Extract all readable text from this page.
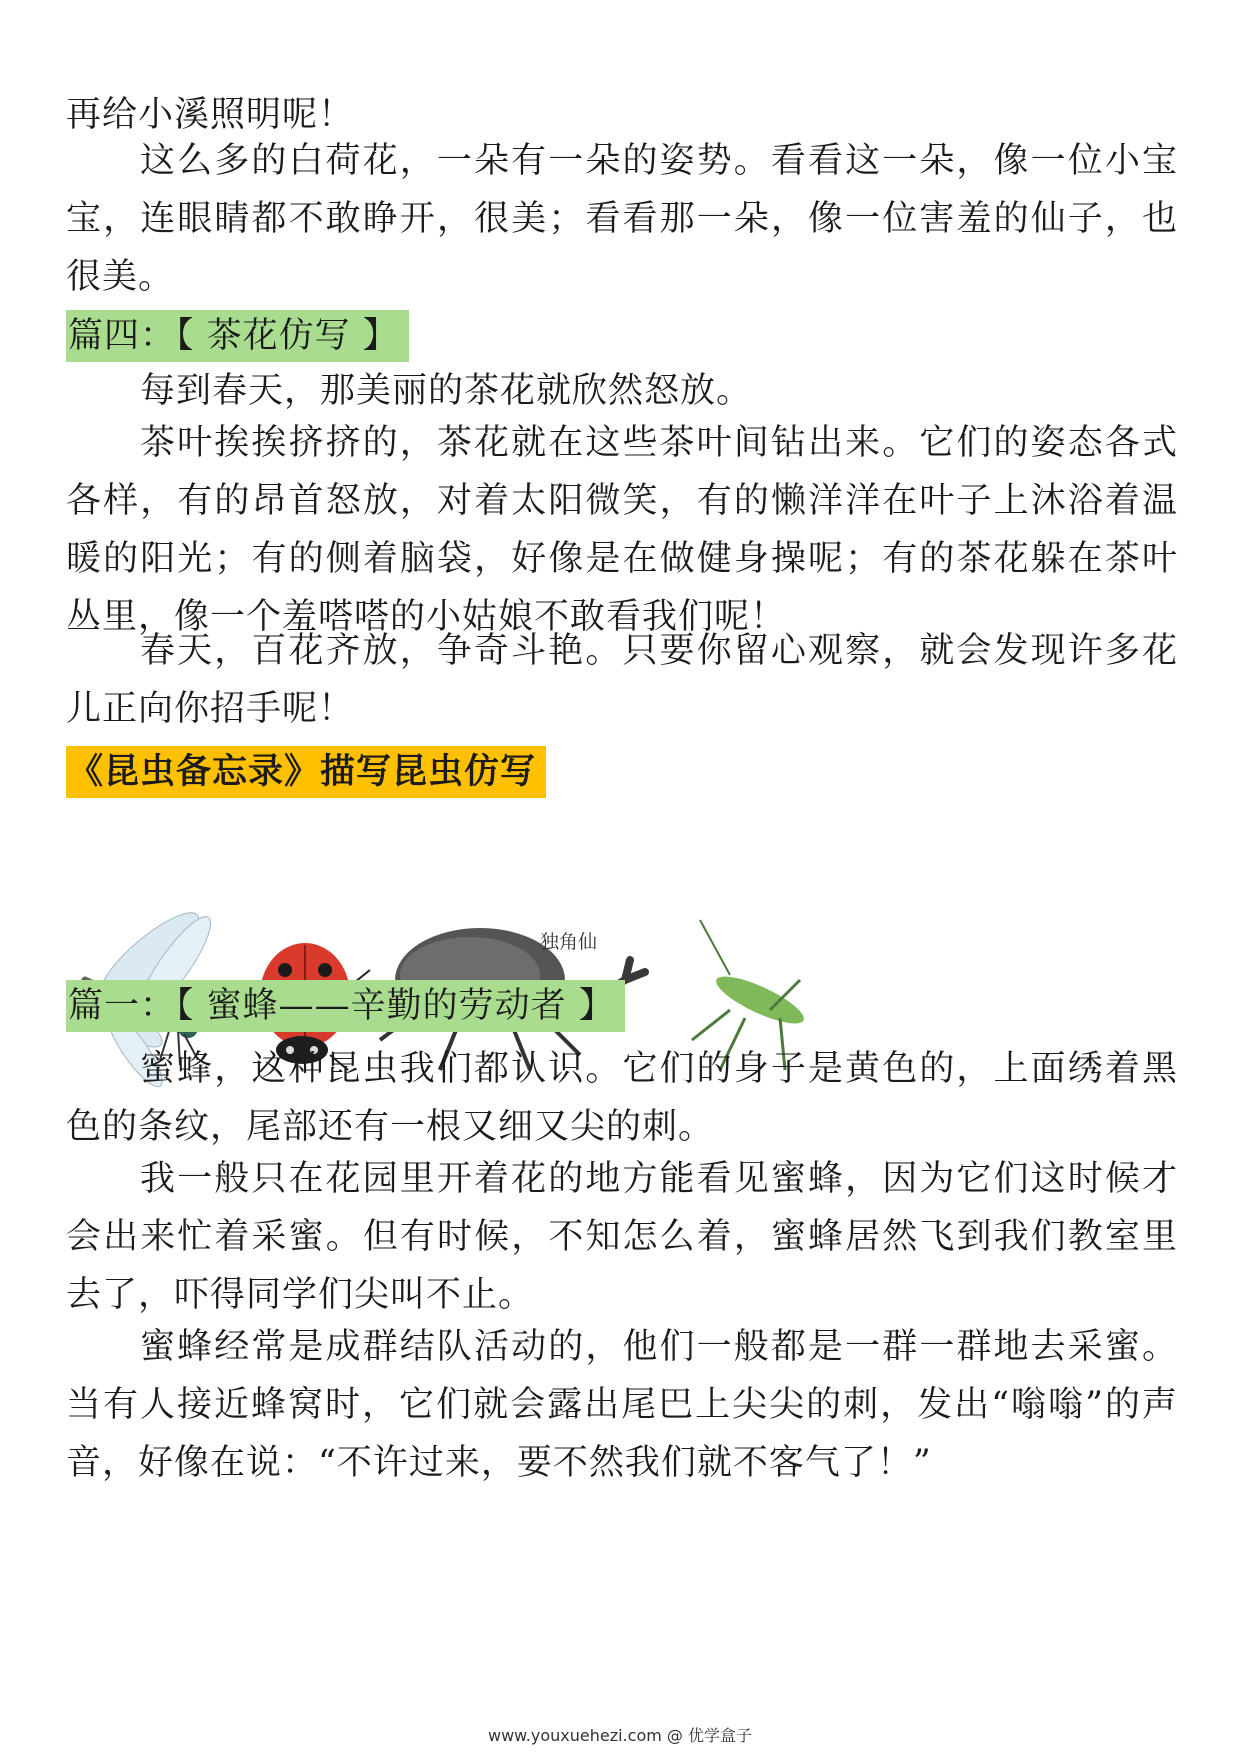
再给小溪照明呢！

这么多的白荷花，一朵有一朵的姿势。看看这一朵，像一位小宝宝，连眼睛都不敢睁开，很美；看看那一朵，像一位害羞的仙子，也很美。

篇四：【 茶花仿写 】

每到春天，那美丽的茶花就欣然怒放。

茶叶挨挨挤挤的，茶花就在这些茶叶间钻出来。它们的姿态各式各样，有的昂首怒放，对着太阳微笑，有的懒洋洋在叶子上沐浴着温暖的阳光；有的侧着脑袋，好像是在做健身操呢；有的茶花躲在茶叶丛里，像一个羞嗒嗒的小姑娘不敢看我们呢！

春天，百花齐放，争奇斗艳。只要你留心观察，就会发现许多花儿正向你招手呢！

《昆虫备忘录》描写昆虫仿写
独角仙
篇一：【 蜜蜂——辛勤的劳动者 】

蜜蜂，这种昆虫我们都认识。它们的身子是黄色的，上面绣着黑色的条纹，尾部还有一根又细又尖的刺。

我一般只在花园里开着花的地方能看见蜜蜂，因为它们这时候才会出来忙着采蜜。但有时候，不知怎么着，蜜蜂居然飞到我们教室里去了，吓得同学们尖叫不止。

蜜蜂经常是成群结队活动的，他们一般都是一群一群地去采蜜。当有人接近蜂窝时，它们就会露出尾巴上尖尖的刺，发出“嗡嗡”的声音，好像在说：“不许过来，要不然我们就不客气了！”

www.youxuehezi.com @ 优学盒子
